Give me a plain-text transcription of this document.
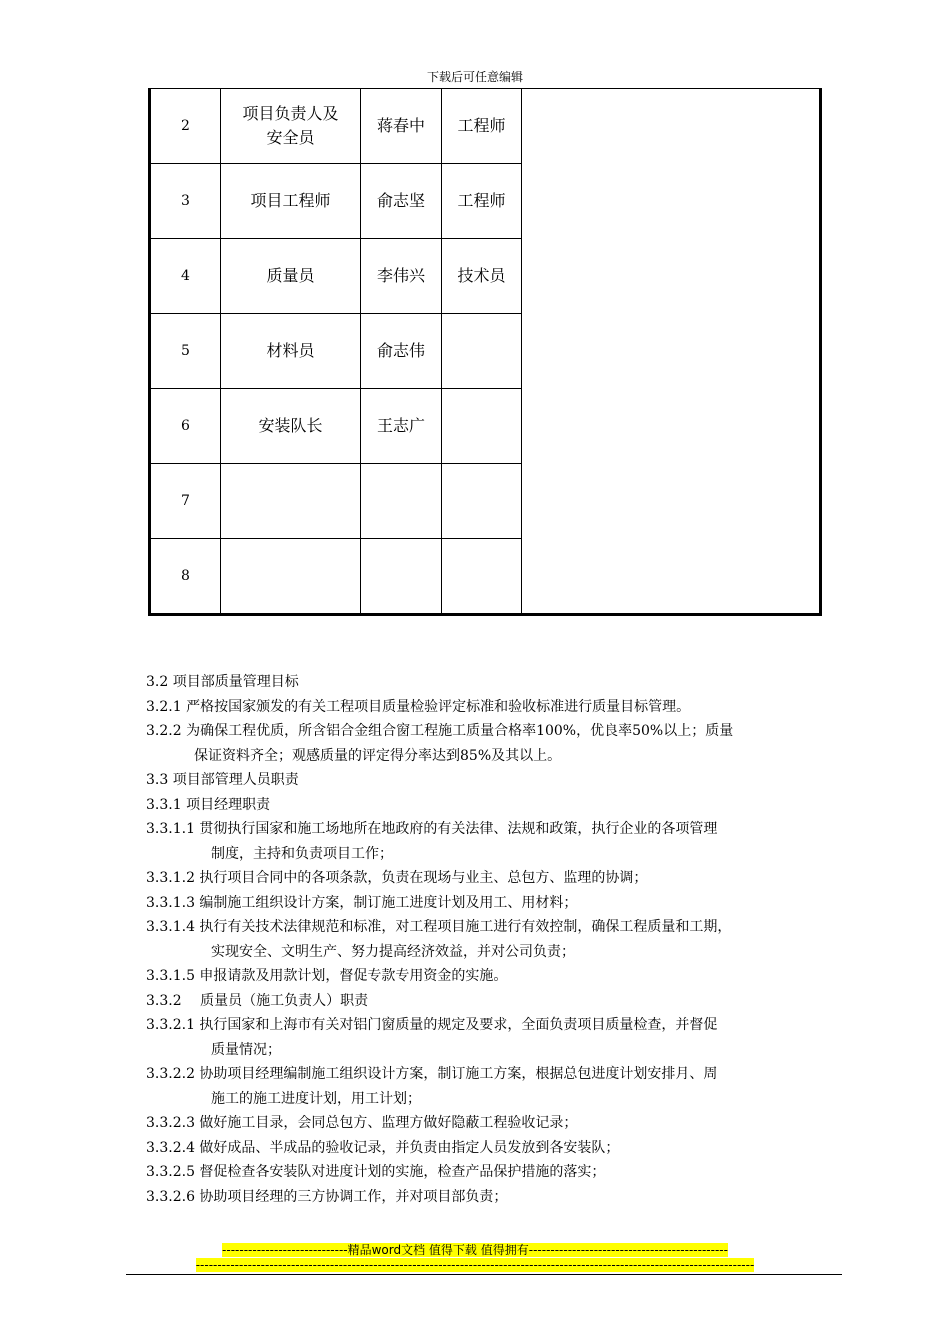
下载后可任意编辑
2	项目负责人及安全员	蒋春中	工程师
3	项目工程师	俞志坚	工程师
4	质量员	李伟兴	技术员
5	材料员	俞志伟	
6	安装队长	王志广	
7			
8			
3.2 项目部质量管理目标
3.2.1 严格按国家颁发的有关工程项目质量检验评定标准和验收标准进行质量目标管理。
3.2.2 为确保工程优质，所含铝合金组合窗工程施工质量合格率100%，优良率50%以上；质量
保证资料齐全；观感质量的评定得分率达到85%及其以上。
3.3 项目部管理人员职责
3.3.1 项目经理职责
3.3.1.1 贯彻执行国家和施工场地所在地政府的有关法律、法规和政策，执行企业的各项管理
制度，主持和负责项目工作；
3.3.1.2 执行项目合同中的各项条款，负责在现场与业主、总包方、监理的协调；
3.3.1.3 编制施工组织设计方案，制订施工进度计划及用工、用材料；
3.3.1.4 执行有关技术法律规范和标准，对工程项目施工进行有效控制，确保工程质量和工期，
实现安全、文明生产、努力提高经济效益，并对公司负责；
3.3.1.5 申报请款及用款计划，督促专款专用资金的实施。
3.3.2　 质量员（施工负责人）职责
3.3.2.1 执行国家和上海市有关对铝门窗质量的规定及要求，全面负责项目质量检查，并督促
质量情况；
3.3.2.2 协助项目经理编制施工组织设计方案，制订施工方案，根据总包进度计划安排月、周
施工的施工进度计划，用工计划；
3.3.2.3 做好施工目录，会同总包方、监理方做好隐蔽工程验收记录；
3.3.2.4 做好成品、半成品的验收记录，并负责由指定人员发放到各安装队；
3.3.2.5 督促检查各安装队对进度计划的实施，检查产品保护措施的落实；
3.3.2.6 协助项目经理的三方协调工作，并对项目部负责；
-----------------------------精品word文档 值得下载 值得拥有----------------------------------------------
---------------------------------------------------------------------------------------------------------------------------------
